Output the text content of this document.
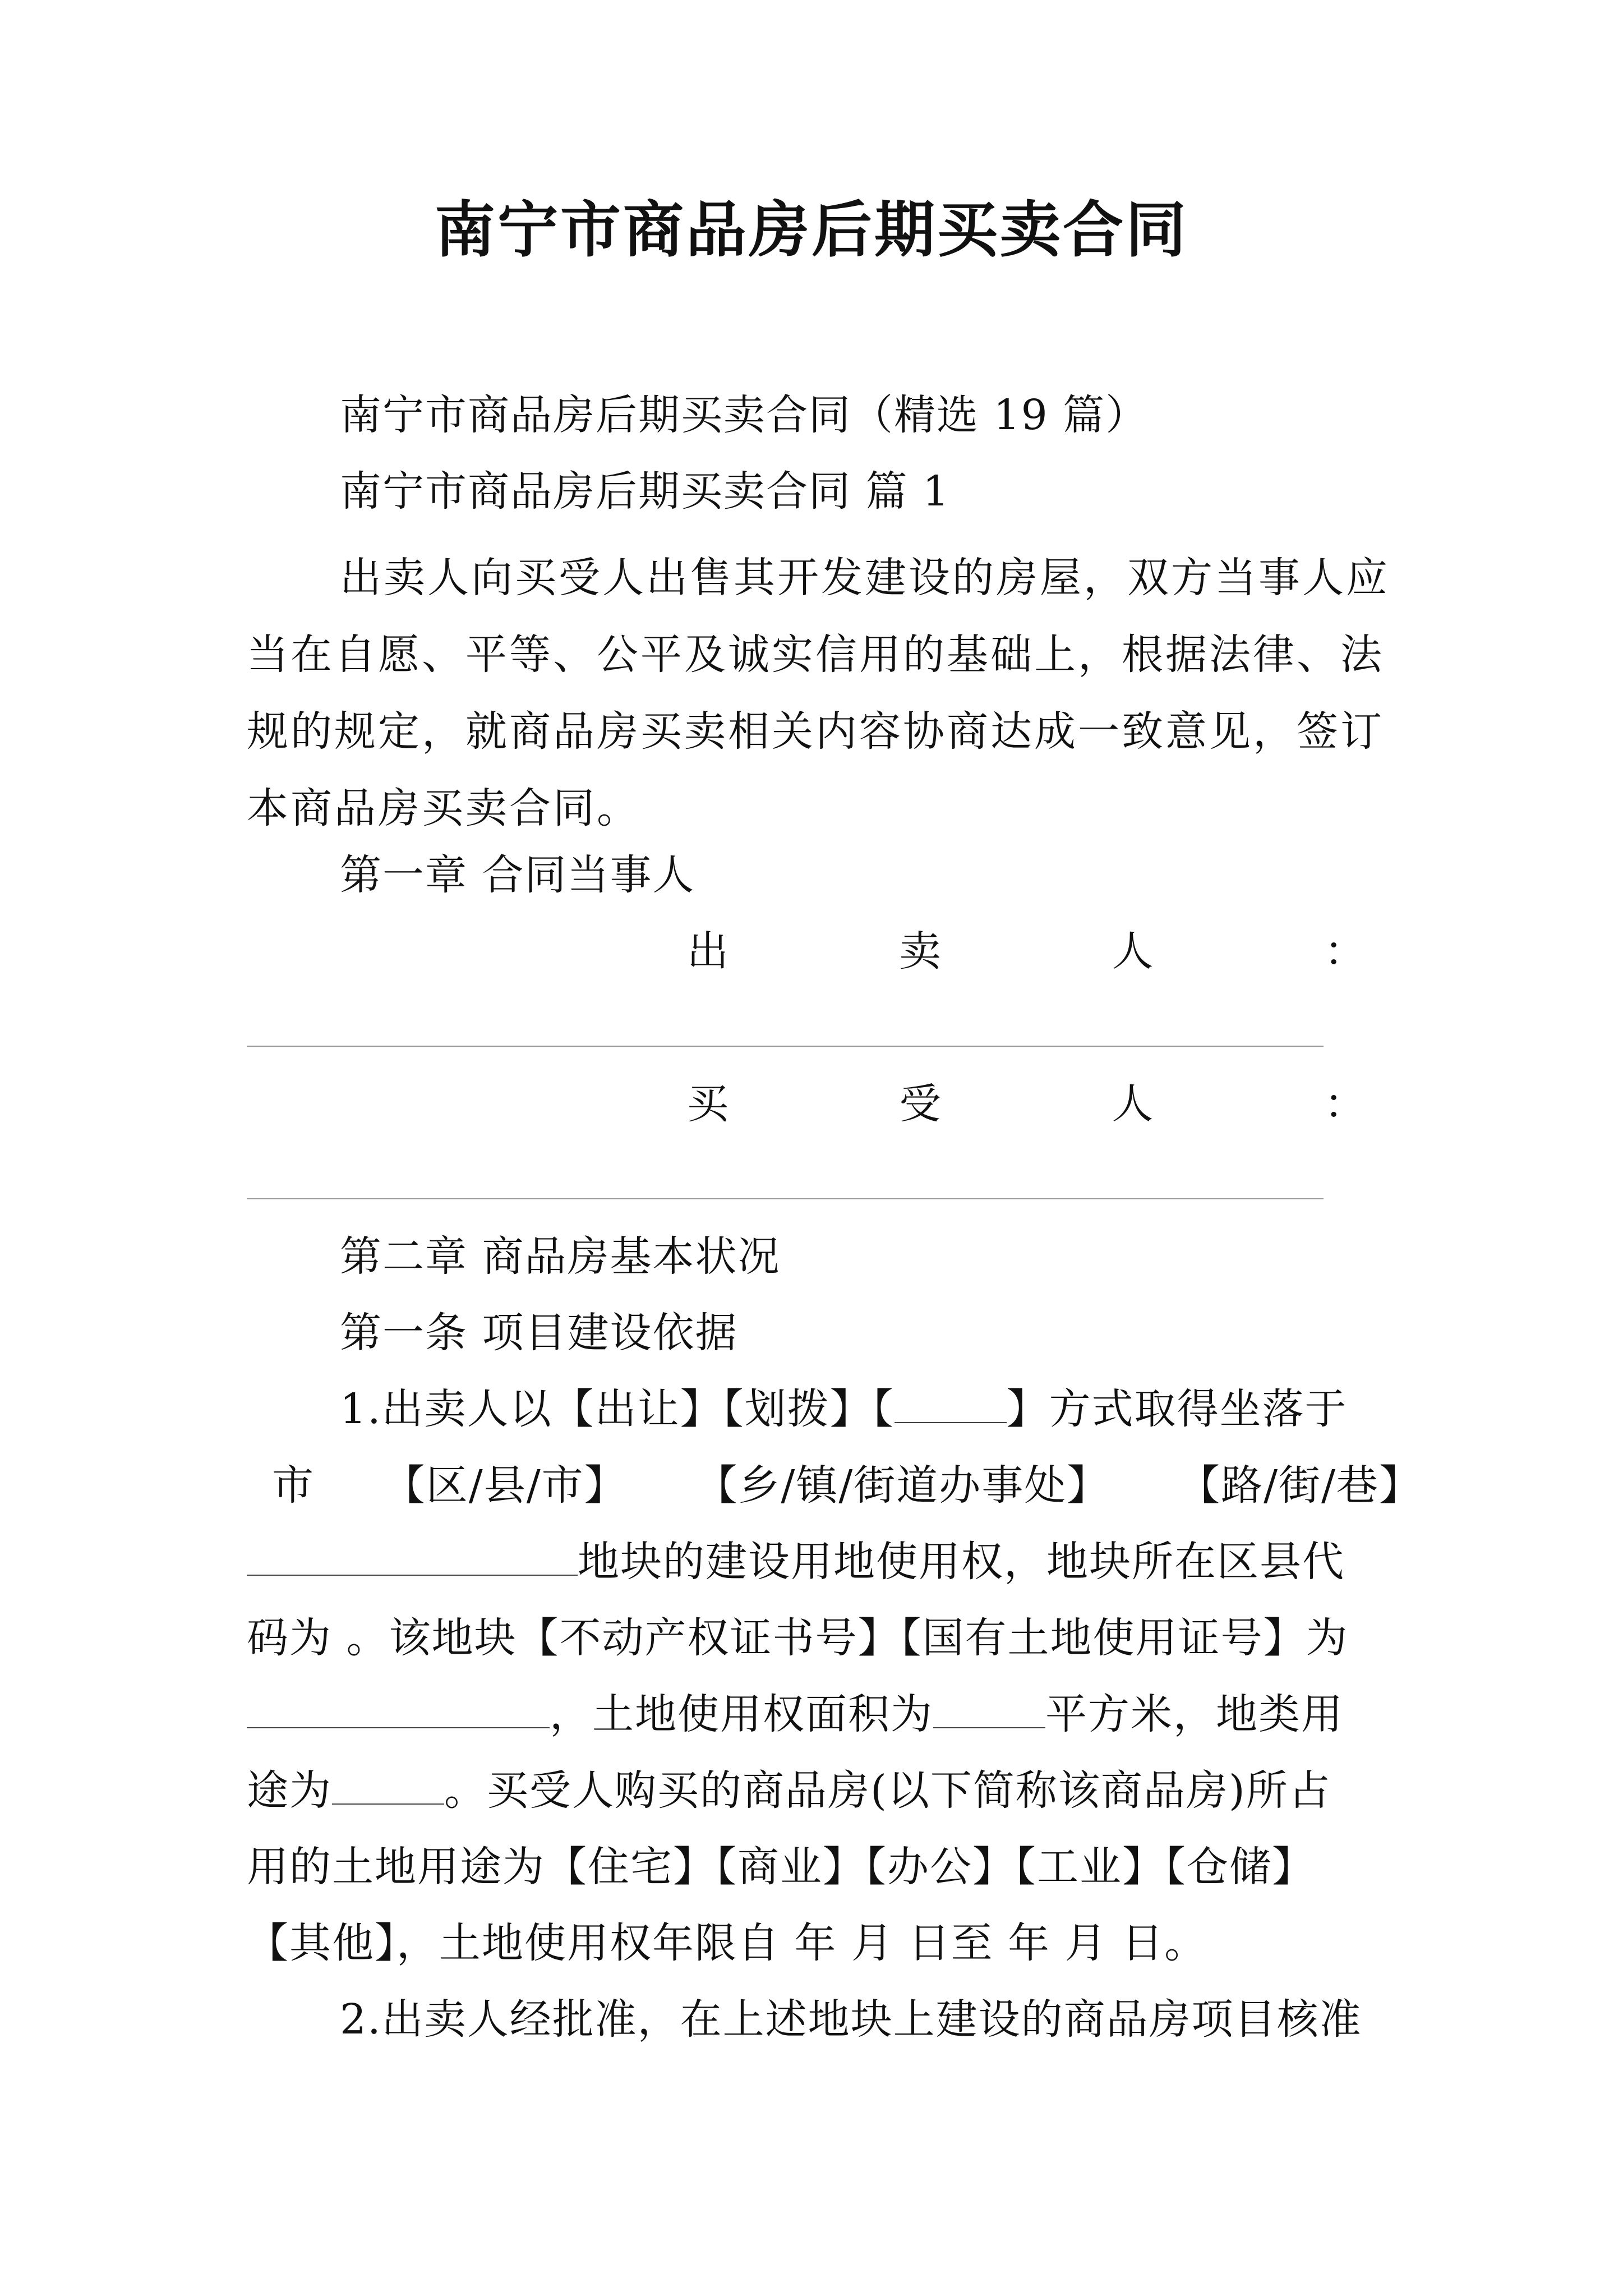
南宁市商品房后期买卖合同
南宁市商品房后期买卖合同（精选 19 篇）
南宁市商品房后期买卖合同 篇 1
出卖人向买受人出售其开发建设的房屋，双方当事人应当在自愿、平等、公平及诚实信用的基础上，根据法律、法规的规定，就商品房买卖相关内容协商达成一致意见，签订本商品房买卖合同。
第一章 合同当事人
出	卖	人	：
买	受	人	：
第二章 商品房基本状况
第一条 项目建设依据
1.出卖人以【出让】【划拨】【	】方式取得坐落于
市 【区/县/市】 【乡/镇/街道办事处】 【路/街/巷】
地块的建设用地使用权，地块所在区县代
码为 。该地块【不动产权证书号】【国有土地使用证号】为
，土地使用权面积为	平方米，地类用
途为	。买受人购买的商品房(以下简称该商品房)所占
用的土地用途为【住宅】【商业】【办公】【工业】【仓储】
【其他】，土地使用权年限自 年 月 日至 年 月 日。
2.出卖人经批准，在上述地块上建设的商品房项目核准
